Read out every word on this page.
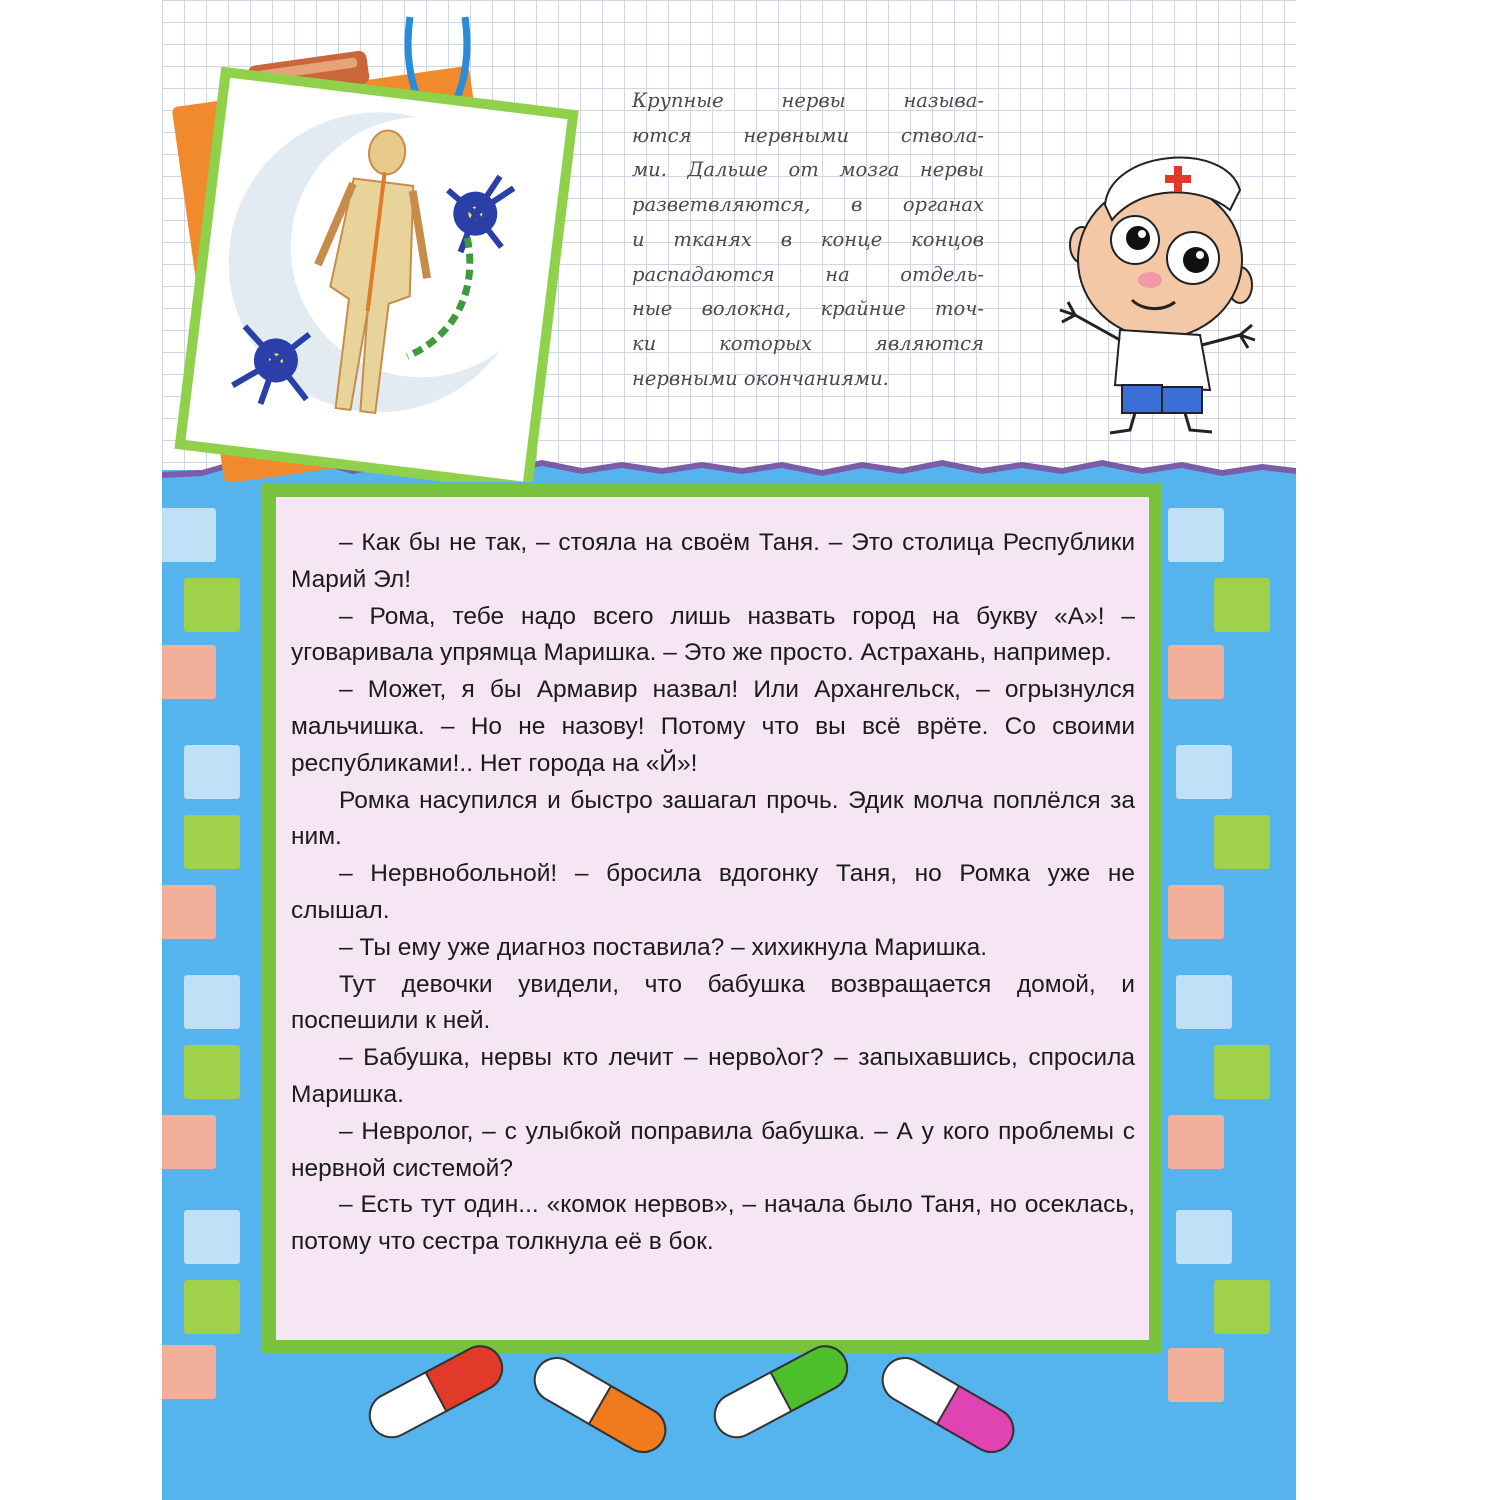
Крупные нервы называ-
ются нервными ствола-
ми. Дальше от мозга нервы
разветвляются, в органах
и тканях в конце концов
распадаются на отдель-
ные волокна, крайние точ-
ки которых являются
нервными окончаниями.

– Как бы не так, – стояла на своём Таня. – Это столица Республики Марий Эл!

– Рома, тебе надо всего лишь назвать город на букву «А»! – уговаривала упрямца Маришка. – Это же просто. Астрахань, например.

– Может, я бы Армавир назвал! Или Архангельск, – огрызнулся мальчишка. – Но не назову! Потому что вы всё врёте. Со своими республиками!.. Нет города на «Й»!

Ромка насупился и быстро зашагал прочь. Эдик молча поплёлся за ним.

– Нервнобольной! – бросила вдогонку Таня, но Ромка уже не слышал.

– Ты ему уже диагноз поставила? – хихикнула Маришка.

Тут девочки увидели, что бабушка возвращается домой, и поспешили к ней.

– Бабушка, нервы кто лечит – нервολог? – запыхавшись, спросила Маришка.

– Невролог, – с улыбкой поправила бабушка. – А у кого проблемы с нервной системой?

– Есть тут один... «комок нервов», – начала было Таня, но осеклась, потому что сестра толкнула её в бок.
